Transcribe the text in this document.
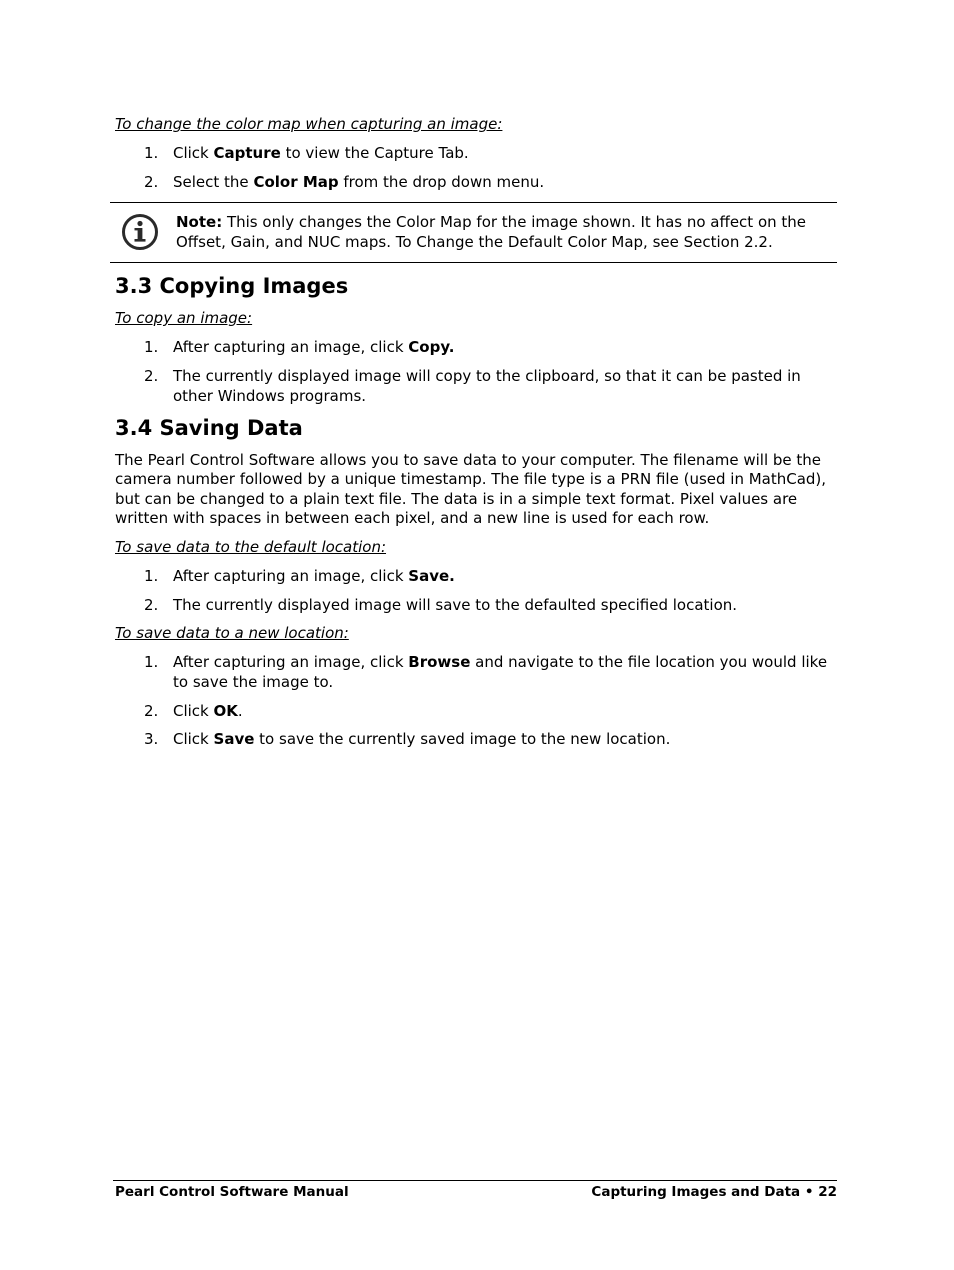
To change the color map when capturing an image:
1. Click Capture to view the Capture Tab.
2. Select the Color Map from the drop down menu.
Note: This only changes the Color Map for the image shown. It has no affect on the Offset, Gain, and NUC maps. To Change the Default Color Map, see Section 2.2.
3.3 Copying Images
To copy an image:
1. After capturing an image, click Copy.
2. The currently displayed image will copy to the clipboard, so that it can be pasted in other Windows programs.
3.4 Saving Data
The Pearl Control Software allows you to save data to your computer. The filename will be the camera number followed by a unique timestamp. The file type is a PRN file (used in MathCad), but can be changed to a plain text file. The data is in a simple text format. Pixel values are written with spaces in between each pixel, and a new line is used for each row.
To save data to the default location:
1. After capturing an image, click Save.
2. The currently displayed image will save to the defaulted specified location.
To save data to a new location:
1. After capturing an image, click Browse and navigate to the file location you would like to save the image to.
2. Click OK.
3. Click Save to save the currently saved image to the new location.
Pearl Control Software Manual	Capturing Images and Data • 22
